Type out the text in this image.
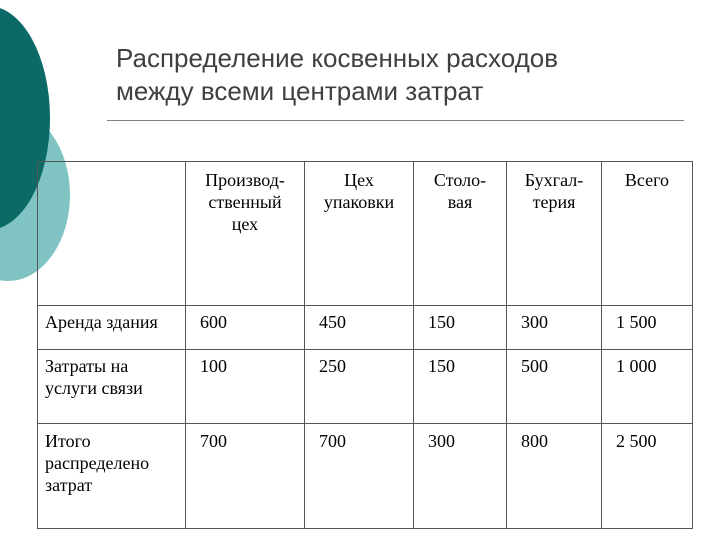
Распределение косвенных расходов
между всеми центрами затрат

	Производ-
ственный
цех	Цех
упаковки	Столо-
вая	Бухгал-
терия	Всего

Аренда здания	600	450	150	300	1 500

Затраты на
услуги связи	100	250	150	500	1 000

Итого
распределено
затрат	700	700	300	800	2 500
